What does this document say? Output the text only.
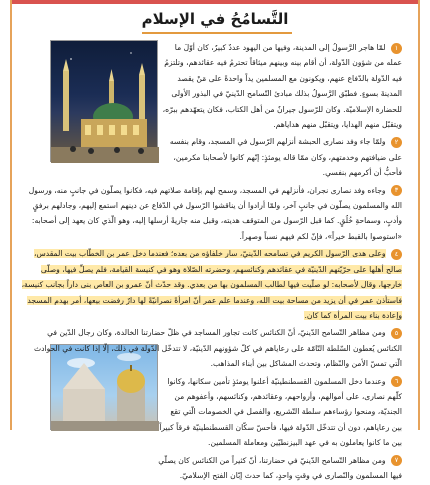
التَّسامُحُ في الإسلام

١ لمّا هاجر الرَّسولُ إلى المدينة، وفيها من اليهود عددٌ كبيرٌ، كان أوّلَ ما عمله من شؤون الدّولة، أن أقام بينه وبينهم ميثاقاً تحترمُ فيه عقائدهم، وتلتزمُ فيه الدّولة بالدّفاع عنهم، ويكونون مع المسلمين يداً واحدةً على مَنْ يقصد المدينةَ بسوءٍ. فطبّق الرَّسولُ بذلك مبادئ التّسامح الدّينيّ في البذور الأولى للحضارة الإسلاميّة. وكان للرّسول جيرانٌ من أهل الكتاب، فكان يتعهّدهم ببرّه، ويتقبّل منهم الهدايا، ويتقبّل منهم هداياهم.

٢ ولمّا جاء وفد نصارى الحبشة أنزلهم الرّسول في المسجد، وقام بنفسه على ضيافتهم وخدمتهم، وكان ممّا قاله يومئذٍ: إنّهم كانوا لأصحابنا مكرمين، فأحبُّ أن أكرمهم بنفسي.

٣ وجاءه وفد نصارى نجران، فأنزلهم في المسجد، وسمح لهم بإقامة صلاتهم فيه، فكانوا يصلّون في جانبٍ منه، ورسول الله والمسلمون يصلّون في جانبٍ آخر، ولمّا أرادوا أن يناقشوا الرّسول في الدّفاع عن دينهم استمع إليهم، وجادلهم برفقٍ وأدبٍ، وسماحةِ خُلُقٍ. كما قبل الرّسول من المتوقف هديته، وقبل منه جاريةً أرسلها إليه، وهو الّذي كان يعهد إلى أصحابه: «استوصوا بالقبط خيراً»، فإنّ لكم فيهم نسباً وصهراً.

٤ وعلى هدى الرّسول الكريم في تسامحه الدّينيّ، سار خلفاؤه من بعده؛ فعندما دخل عمر بن الخطّاب بيت المقدس، صالح أهلها على حرّيّتهم الدّينيّة في عقائدهم وكنائسهم، وحضرته الصّلاة وهو في كنيسة القيامة، فلم يصلِّ فيها، وصلّى خارجها، وقال لأصحابه: لو صلّيت فيها لطالب المسلمون بها من بعدي. وقد حدّث أنّ عمرو بن العاص بنى داراً بجانب كنيسة، فاستأذن عمر في أن يزيد من مساحة بيت الله، وعندما علم عمر أنّ امرأةً نصرانيّةً لها دارٌ رفضت بيعها، أمر بهدم المسجد وإعادة بناء بيت المرأة كما كان.

٥ ومن مظاهر التّسامح الدّينيّ، أنّ الكنائس كانت تجاور المساجد في ظلّ حضارتنا الخالدة، وكان رجال الدّين في الكنائس يُعطون السّلطة التّامّة على رعاياهم في كلّ شؤونهم الدّينيّة، لا تتدخّل الدّولة في ذلك، إلّا إذا كانت في الحوادث الّتي تمسّ الأمن والنّظام، وتحدث المشاكل بين أبناء المذاهب.

٦ وعندما دخل المسلمون القسطنطينيّة أعلنوا يومئذٍ تأمين سكانها، وكانوا كلّهم نصارى، على أموالهم، وأرواحهم، وعقائدهم، وكنائسهم، وأعفوهم من الجنديّة، ومنحوا رؤساءهم سلطة التّشريع، والفصل في الخصومات الّتي تقع بين رعاياهم، دون أن تتدخّل الدّولة فيها، فأحسّ سكّان القسطنطينيّة فرقاً كبيراً بين ما كانوا يعاملون به في عهد البيزنطيّين ومعاملة المسلمين.

٧ ومن مظاهر التّسامح الدّينيّ في حضارتنا، أنّ كثيراً من الكنائس كان يصلّي فيها المسلمون والنّصارى في وقتٍ واحدٍ، كما حدث إبّان الفتح الإسلاميّ.
